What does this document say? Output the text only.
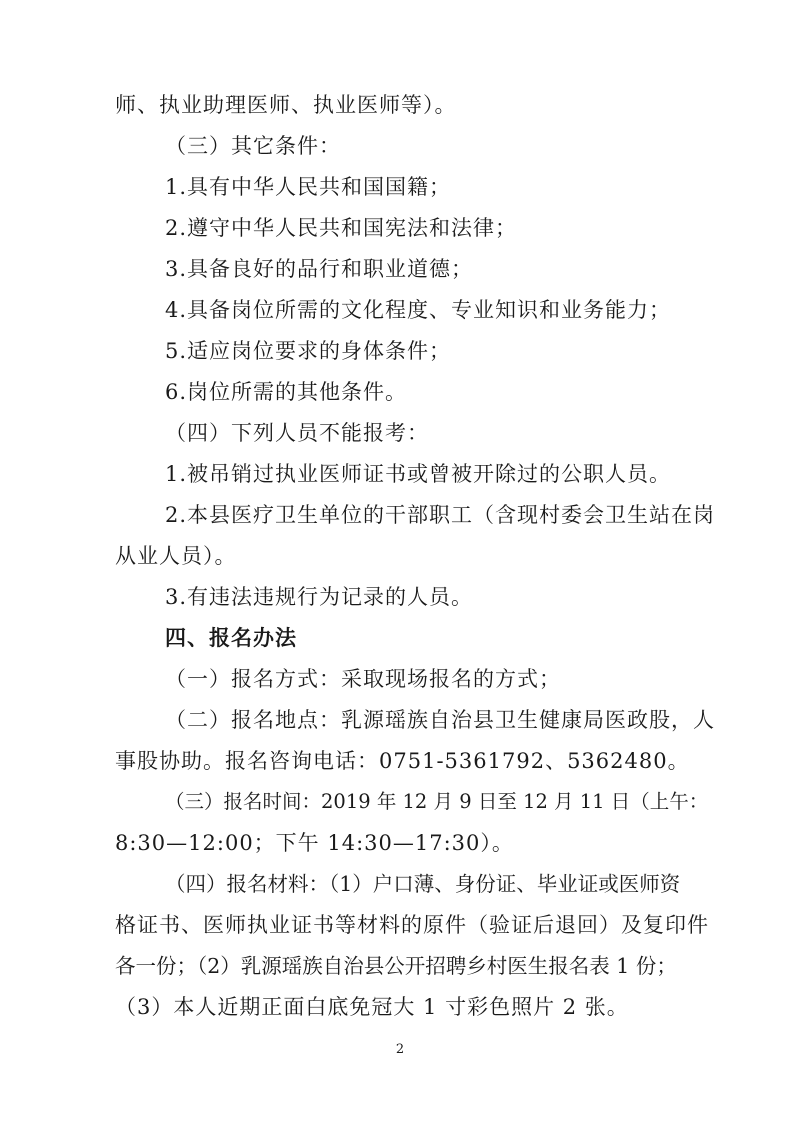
师、执业助理医师、执业医师等）。
（三）其它条件：
1.具有中华人民共和国国籍；
2.遵守中华人民共和国宪法和法律；
3.具备良好的品行和职业道德；
4.具备岗位所需的文化程度、专业知识和业务能力；
5.适应岗位要求的身体条件；
6.岗位所需的其他条件。
（四）下列人员不能报考：
1.被吊销过执业医师证书或曾被开除过的公职人员。
2.本县医疗卫生单位的干部职工（含现村委会卫生站在岗
从业人员）。
3.有违法违规行为记录的人员。
四、报名办法
（一）报名方式：采取现场报名的方式；
（二）报名地点：乳源瑶族自治县卫生健康局医政股，人
事股协助。报名咨询电话：0751-5361792、5362480。
（三）报名时间：2019 年 12 月 9 日至 12 月 11 日（上午：
8:30—12:00；下午 14:30—17:30）。
（四）报名材料：（1）户口薄、身份证、毕业证或医师资
格证书、医师执业证书等材料的原件（验证后退回）及复印件
各一份；（2）乳源瑶族自治县公开招聘乡村医生报名表 1 份；
（3）本人近期正面白底免冠大 1 寸彩色照片 2 张。
2
